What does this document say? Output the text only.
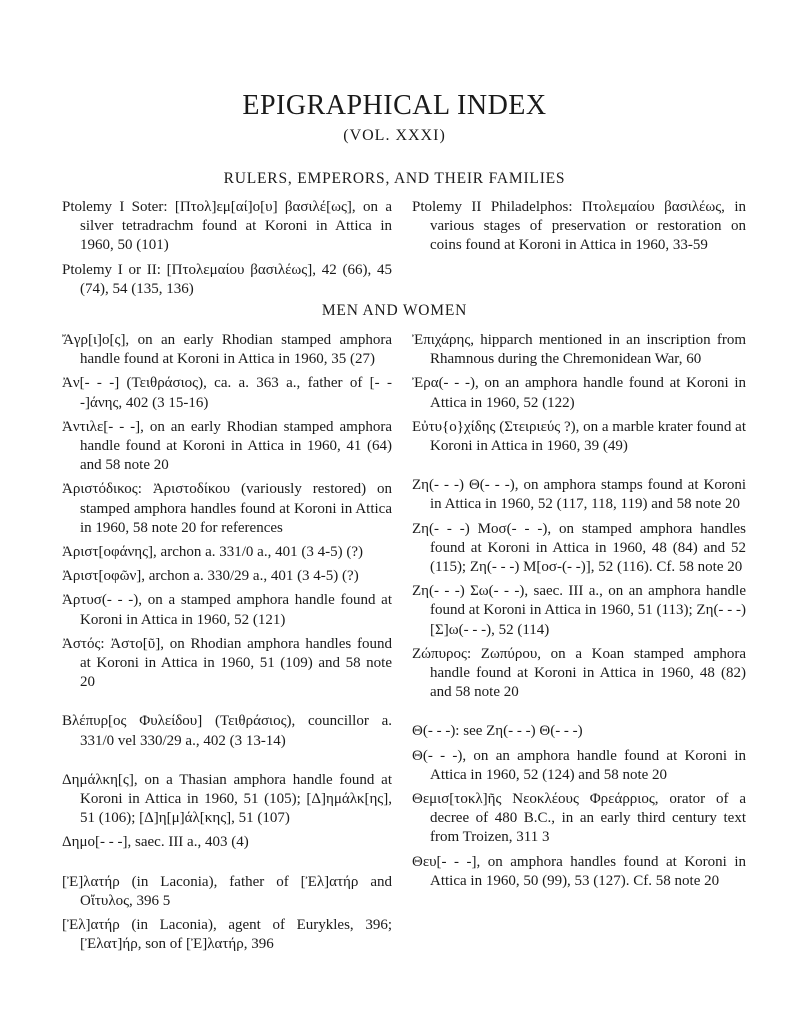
EPIGRAPHICAL INDEX
(VOL. XXXI)
RULERS, EMPERORS, AND THEIR FAMILIES

Ptolemy I Soter: [Πτολ]εμ[αί]ο[υ] βασιλέ[ως], on a silver tetradrachm found at Koroni in Attica in 1960, 50 (101)

Ptolemy I or II: [Πτολεμαίου βασιλέως], 42 (66), 45 (74), 54 (135, 136)

Ptolemy II Philadelphos: Πτολεμαίου βασιλέως, in various stages of preservation or restoration on coins found at Koroni in Attica in 1960, 33-59

MEN AND WOMEN

Ἄγρ[ι]ο[ς], on an early Rhodian stamped amphora handle found at Koroni in Attica in 1960, 35 (27)

Ἀν[- - -] (Τειθράσιος), ca. a. 363 a., father of [- - -]άνης, 402 (3 15-16)

Ἀντιλε[- - -], on an early Rhodian stamped amphora handle found at Koroni in Attica in 1960, 41 (64) and 58 note 20

Ἀριστόδικος: Ἀριστοδίκου (variously restored) on stamped amphora handles found at Koroni in Attica in 1960, 58 note 20 for references

Ἀριστ[οφάνης], archon a. 331/0 a., 401 (3 4-5) (?)

Ἀριστ[οφῶν], archon a. 330/29 a., 401 (3 4-5) (?)

Ἀρτυσ(- - -), on a stamped amphora handle found at Koroni in Attica in 1960, 52 (121)

Ἀστός: Ἀστο[ῦ], on Rhodian amphora handles found at Koroni in Attica in 1960, 51 (109) and 58 note 20

Βλέπυρ[ος Φυλείδου] (Τειθράσιος), councillor a. 331/0 vel 330/29 a., 402 (3 13-14)

Δημάλκη[ς], on a Thasian amphora handle found at Koroni in Attica in 1960, 51 (105); [Δ]ημάλκ[ης], 51 (106); [Δ]η[μ]άλ[κης], 51 (107)

Δημο[- - -], saec. III a., 403 (4)

[Ἐ]λατήρ (in Laconia), father of [Ἐλ]ατήρ and Οἴτυλος, 396 5

[Ἐλ]ατήρ (in Laconia), agent of Eurykles, 396; [Ἐλατ]ήρ, son of [Ἐ]λατήρ, 396

Ἐπιχάρης, hipparch mentioned in an inscription from Rhamnous during the Chremonidean War, 60

Ἐρα(- - -), on an amphora handle found at Koroni in Attica in 1960, 52 (122)

Εὐτυ{ο}χίδης (Στειριεύς ?), on a marble krater found at Koroni in Attica in 1960, 39 (49)

Ζη(- - -) Θ(- - -), on amphora stamps found at Koroni in Attica in 1960, 52 (117, 118, 119) and 58 note 20

Ζη(- - -) Μοσ(- - -), on stamped amphora handles found at Koroni in Attica in 1960, 48 (84) and 52 (115); Ζη(- - -) Μ[οσ-(- -)], 52 (116). Cf. 58 note 20

Ζη(- - -) Σω(- - -), saec. III a., on an amphora handle found at Koroni in Attica in 1960, 51 (113); Ζη(- - -) [Σ]ω(- - -), 52 (114)

Ζώπυρος: Ζωπύρου, on a Koan stamped amphora handle found at Koroni in Attica in 1960, 48 (82) and 58 note 20

Θ(- - -): see Ζη(- - -) Θ(- - -)

Θ(- - -), on an amphora handle found at Koroni in Attica in 1960, 52 (124) and 58 note 20

Θεμισ[τοκλ]ῆς Νεοκλέους Φρεάρριος, orator of a decree of 480 B.C., in an early third century text from Troizen, 311 3

Θευ[- - -], on amphora handles found at Koroni in Attica in 1960, 50 (99), 53 (127). Cf. 58 note 20
